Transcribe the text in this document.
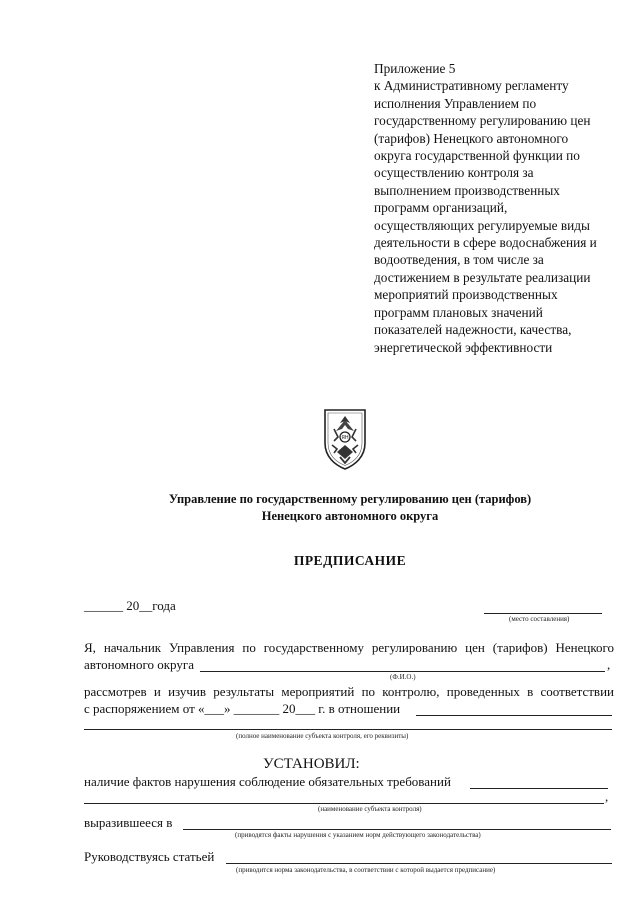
Приложение 5
к Административному регламенту
исполнения Управлением по
государственному регулированию цен
(тарифов) Ненецкого автономного
округа государственной функции по
осуществлению контроля за
выполнением производственных
программ организаций,
осуществляющих регулируемые виды
деятельности в сфере водоснабжения и
водоотведения, в том числе за
достижением в результате реализации
мероприятий производственных
программ плановых значений
показателей надежности, качества,
энергетической эффективности
ЯН
Управление по государственному регулированию цен (тарифов)
Ненецкого автономного округа
ПРЕДПИСАНИЕ
______ 20__года
(место составления)
Я, начальник Управления по государственному регулированию цен (тарифов) Ненецкого
автономного округа	,
(Ф.И.О.)
рассмотрев и изучив результаты мероприятий по контролю, проведенных в соответствии
с распоряжением от «___» _______ 20___ г. в отношении
(полное наименование субъекта контроля, его реквизиты)
УСТАНОВИЛ:
наличие фактов нарушения соблюдение обязательных требований
,
(наименование субъекта контроля)
выразившееся в
(приводятся факты нарушения с указанием норм действующего законодательства)
Руководствуясь статьей
(приводится норма законодательства, в соответствии с которой выдается предписание)
